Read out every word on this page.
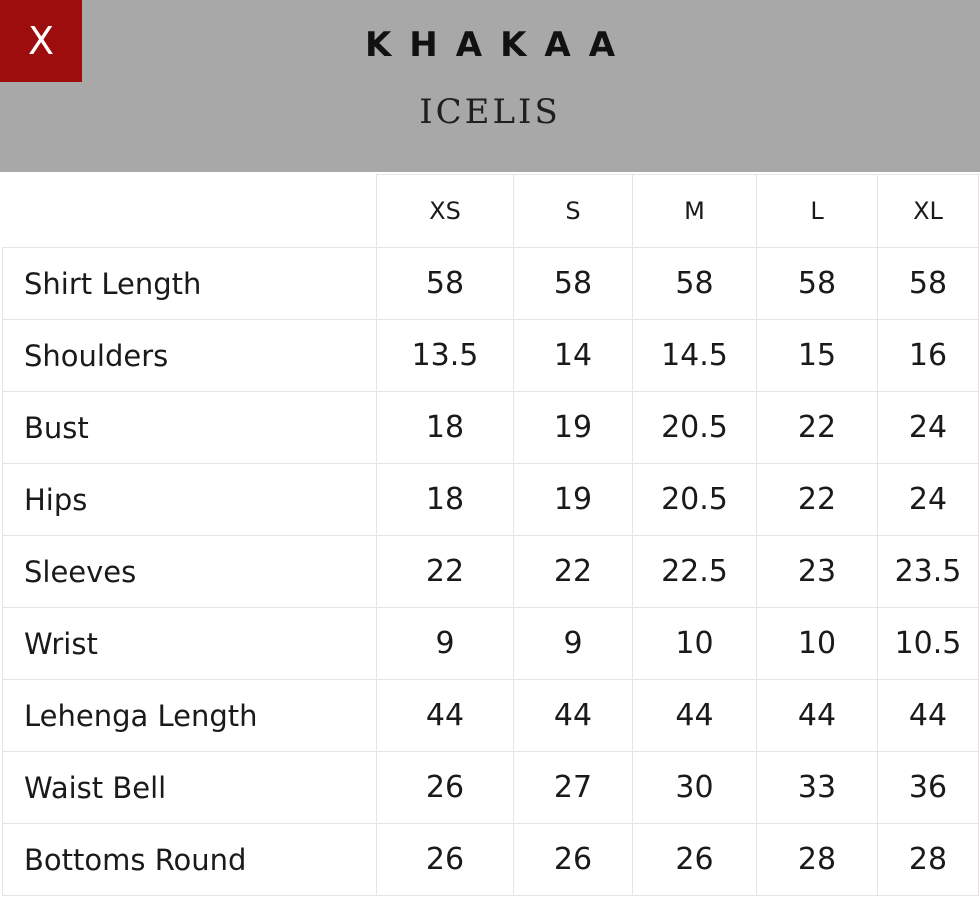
X	KHAKAA
ICELIS
	XS	S	M	L	XL
Shirt Length	58	58	58	58	58
Shoulders	13.5	14	14.5	15	16
Bust	18	19	20.5	22	24
Hips	18	19	20.5	22	24
Sleeves	22	22	22.5	23	23.5
Wrist	9	9	10	10	10.5
Lehenga Length	44	44	44	44	44
Waist Bell	26	27	30	33	36
Bottoms Round	26	26	26	28	28
